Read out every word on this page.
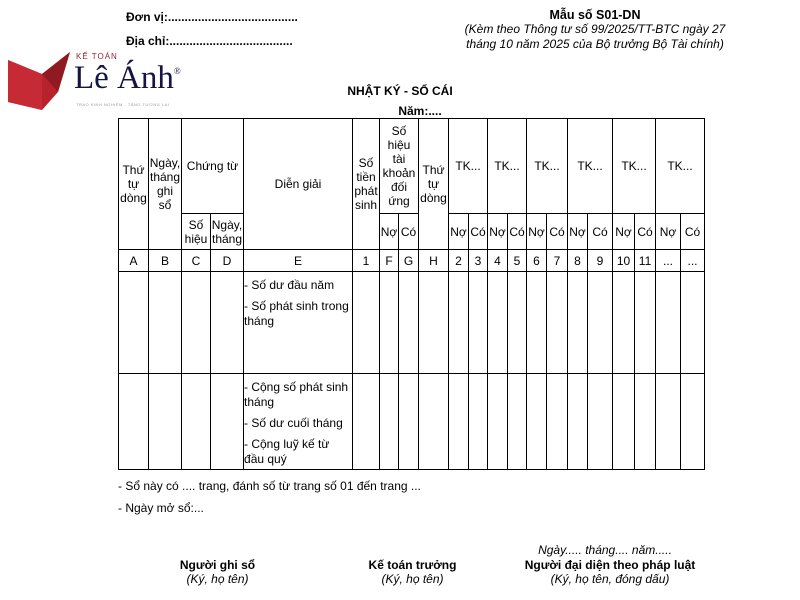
Đơn vị:.......................................
Địa chỉ:.....................................
Mẫu số S01-DN
(Kèm theo Thông tư số 99/2025/TT-BTC ngày 27
tháng 10 năm 2025 của Bộ trưởng Bộ Tài chính)
KẾ TOÁN
Lê Ánh®
TRAO KINH NGHIỆM - TẶNG TƯƠNG LAI
NHẬT KÝ - SỔ CÁI
Năm:....
Thứ tự dòng	Ngày, tháng ghi sổ	Chứng từ		Diễn giải	Số tiền phát sinh	Số hiệu tài khoản đối ứng		Thứ tự dòng	TK...		TK...		TK...		TK...		TK...		TK...	
		Số hiệu	Ngày, tháng			Nợ	Có		Nợ	Có	Nợ	Có	Nợ	Có	Nợ	Có	Nợ	Có	Nợ	Có
A	B	C	D	E	1	F	G	H	2	3	4	5	6	7	8	9	10	11	...	...

				- Số dư đầu năm
- Số phát sinh trong tháng																

				- Cộng số phát sinh tháng
- Số dư cuối tháng
- Cộng luỹ kế từ đầu quý																

- Sổ này có .... trang, đánh số từ trang số 01 đến trang ...
- Ngày mở sổ:...
Ngày..... tháng.... năm.....
Người ghi sổ
(Ký, họ tên)
Kế toán trưởng
(Ký, họ tên)
Người đại diện theo pháp luật
(Ký, họ tên, đóng dấu)
